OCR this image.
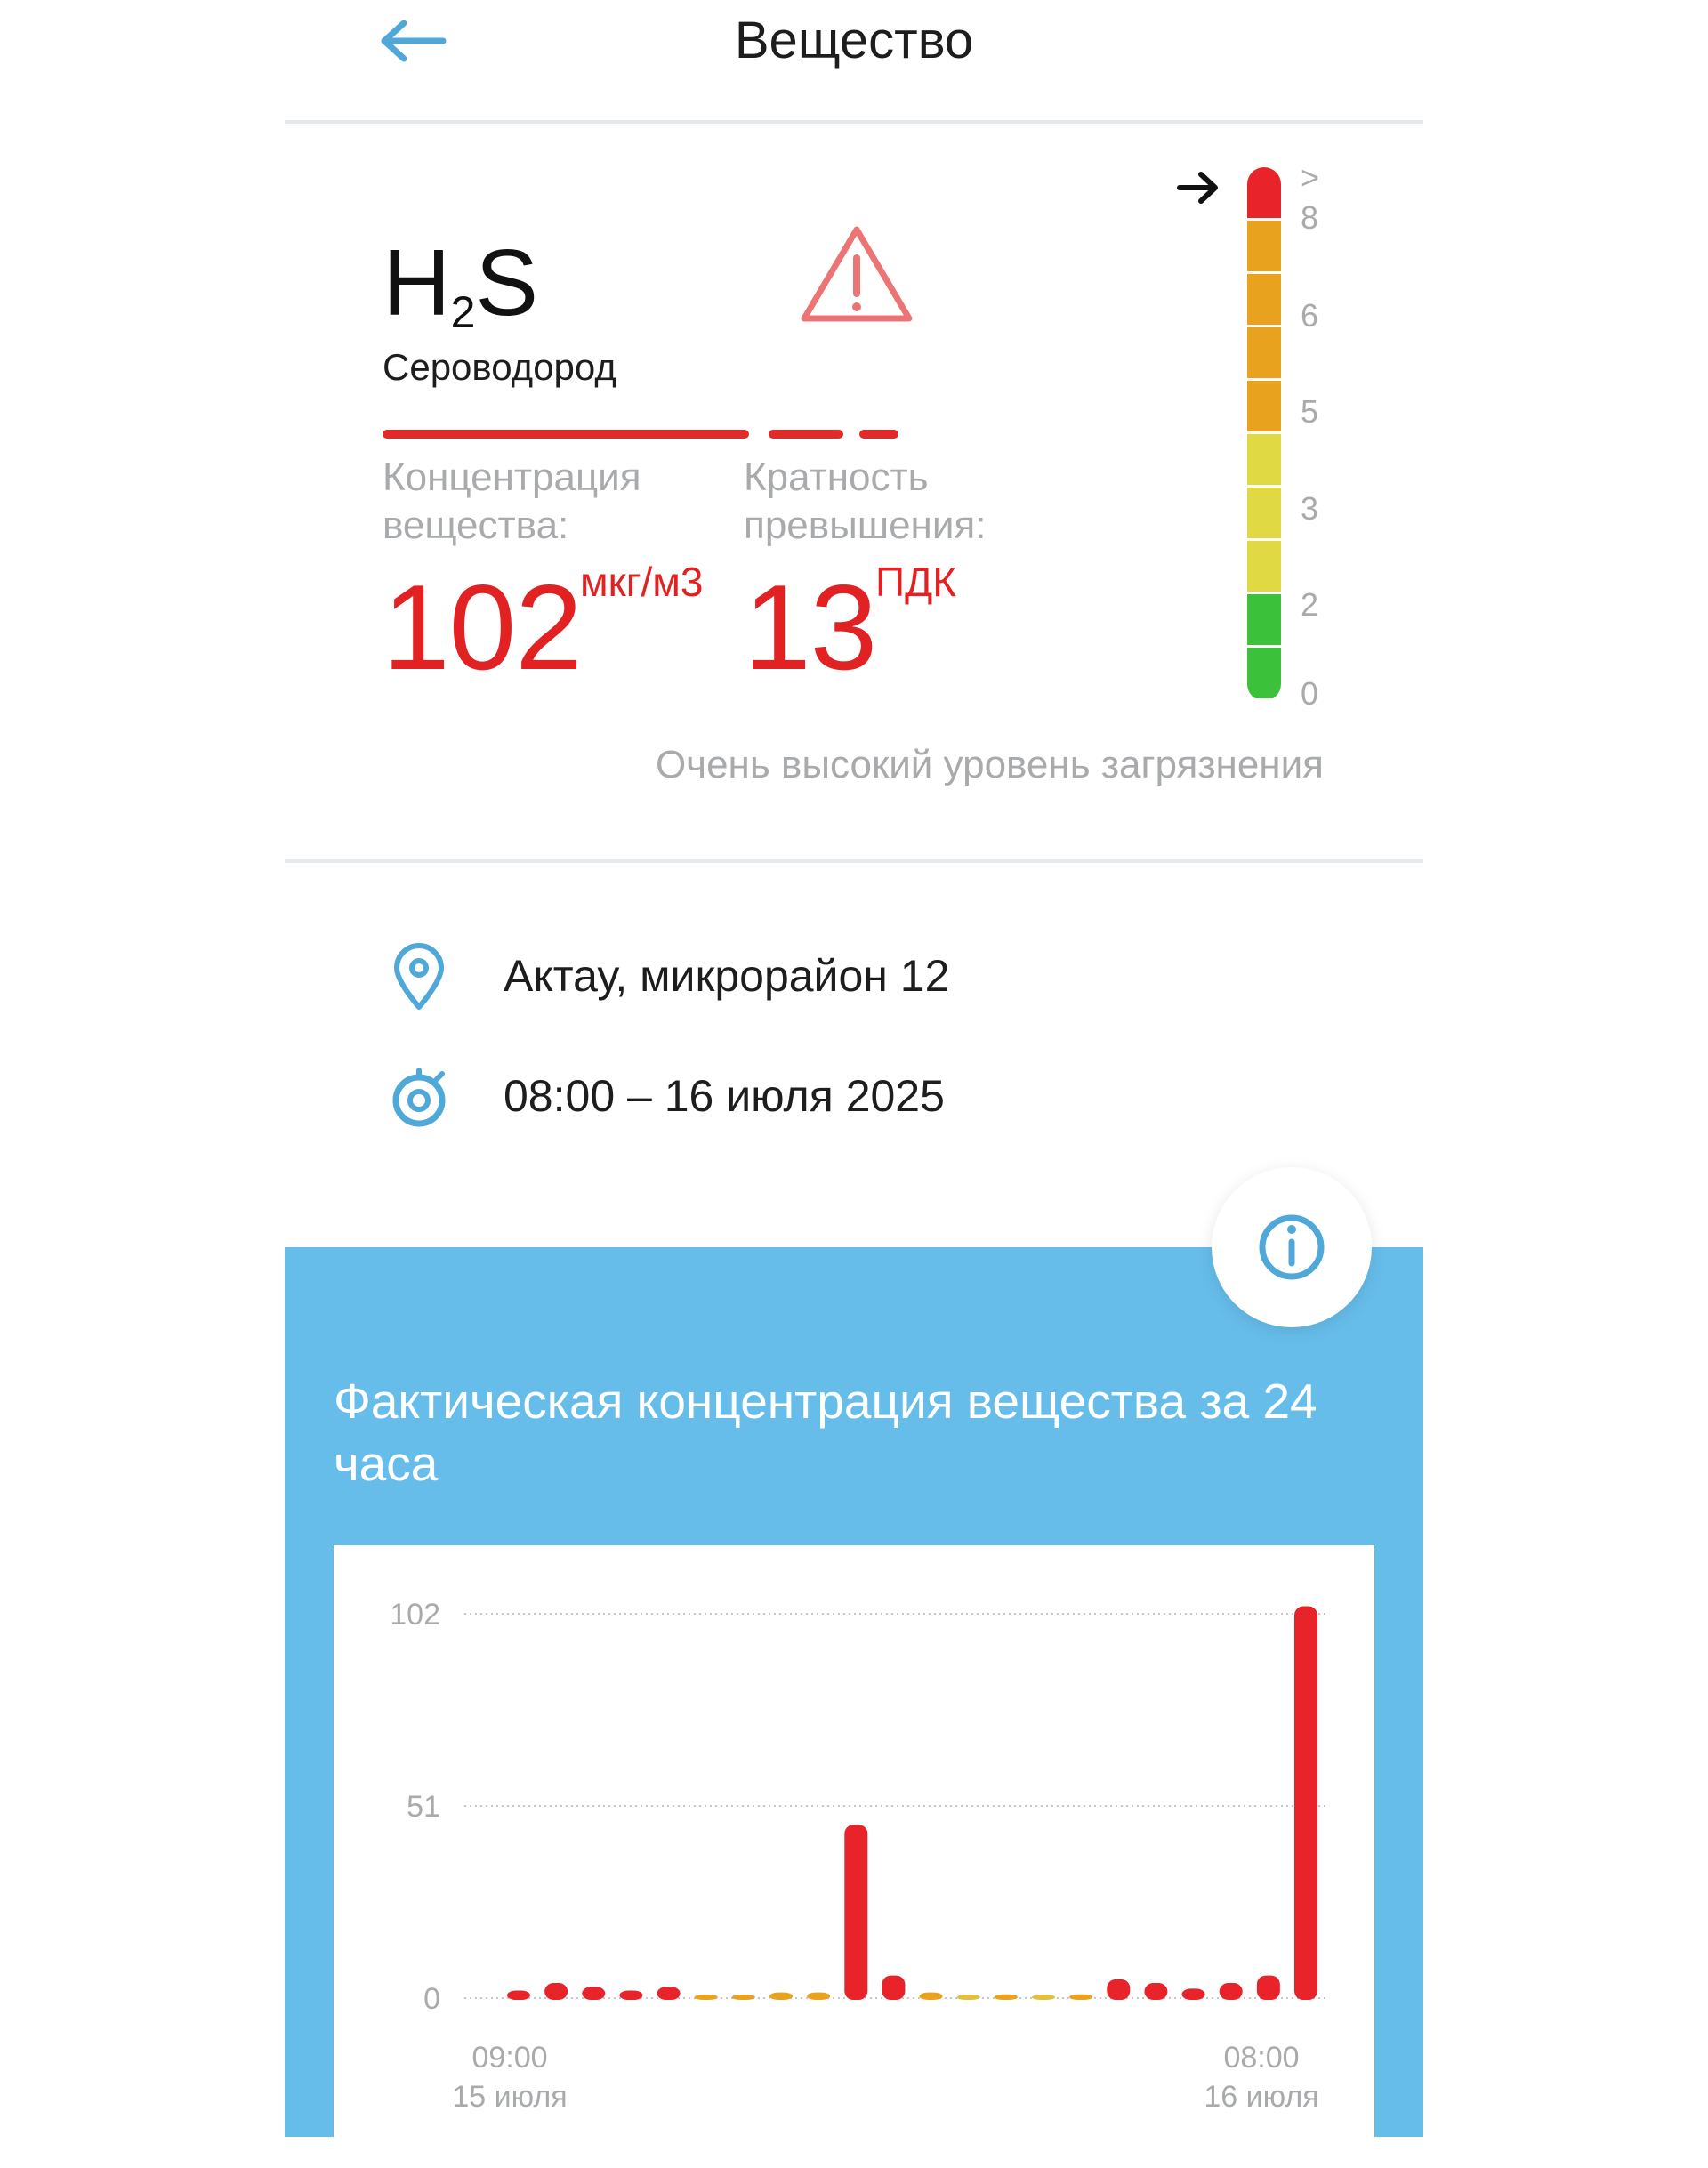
Вещество
$H_2S$
Сероводород
Концентрация
вещества:
Кратность
превышения:
102
мкг/м3 13
ПДК
>
8
6
5
3
2
0
Очень высокий уровень загрязнения
Актау, микрорайон 12
08:00 – 16 июля 2025
Фактическая концентрация вещества за 24 часа
102
51
0
09:00
15 июля
08:00
16 июля
